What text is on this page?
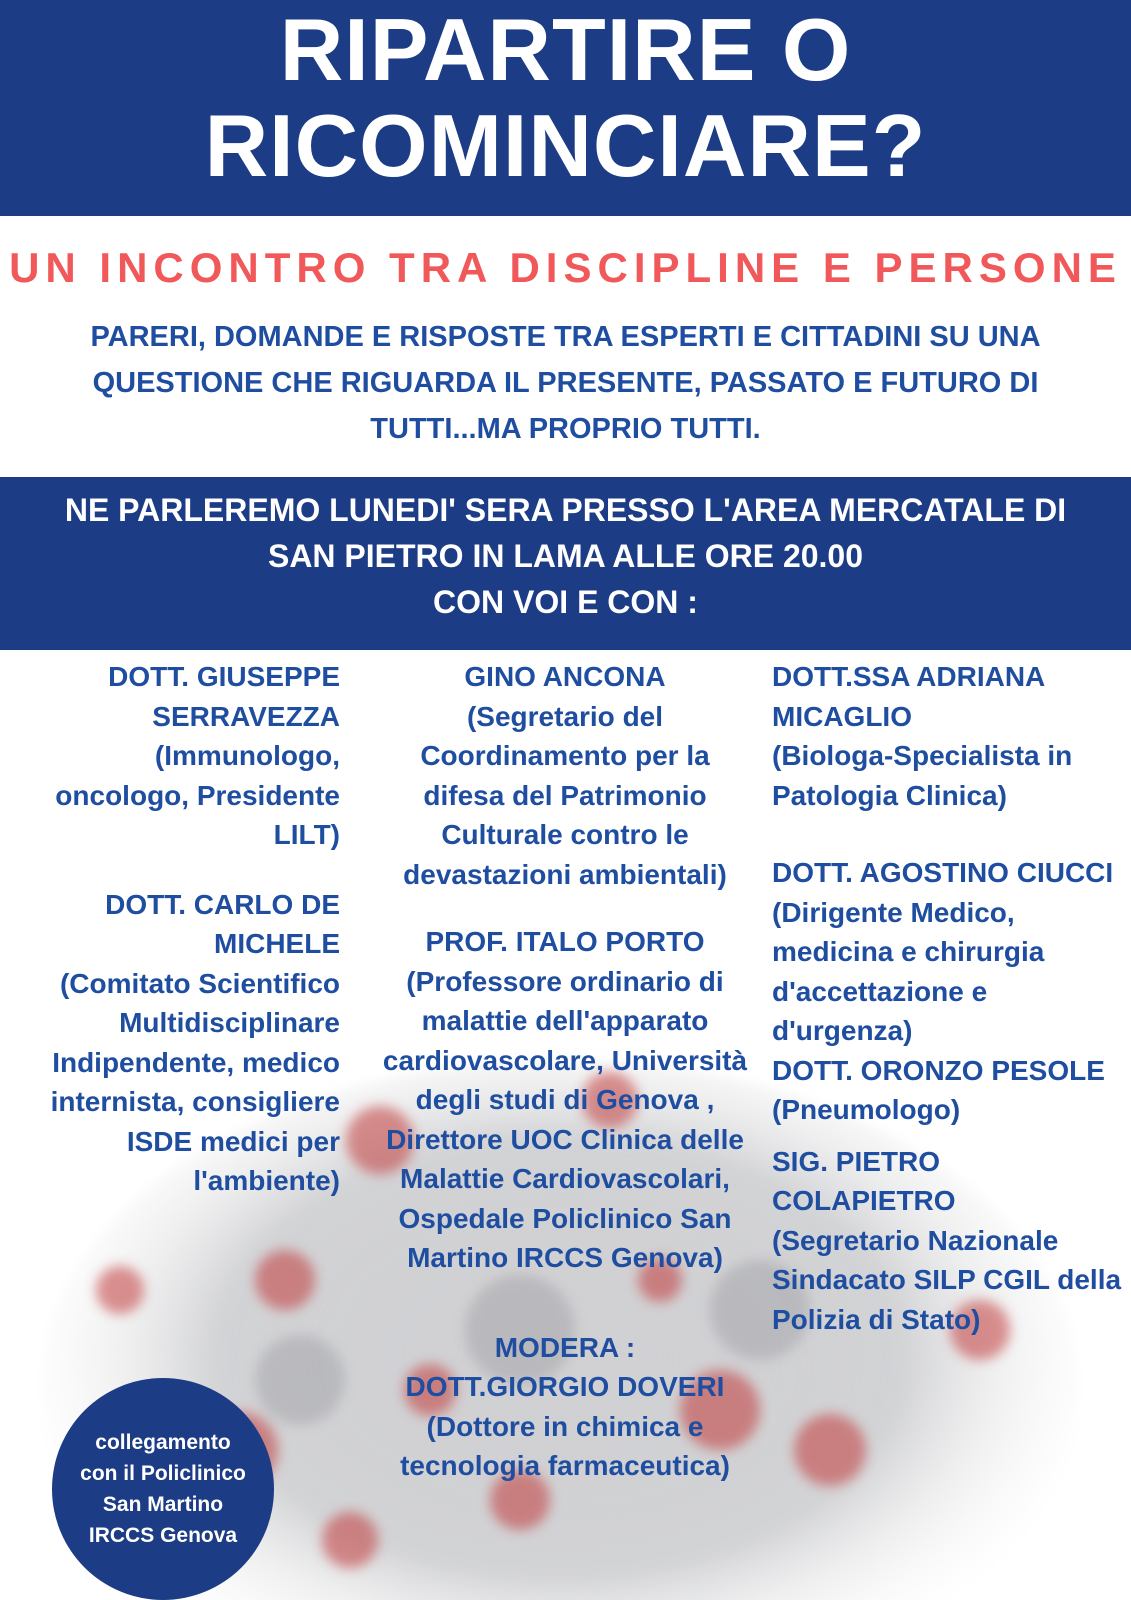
RIPARTIRE O
RICOMINCIARE?
UN INCONTRO TRA DISCIPLINE E PERSONE
PARERI, DOMANDE E RISPOSTE TRA ESPERTI E CITTADINI SU UNA QUESTIONE CHE RIGUARDA IL PRESENTE, PASSATO E FUTURO DI TUTTI...MA PROPRIO TUTTI.
NE PARLEREMO LUNEDI' SERA PRESSO L'AREA MERCATALE DI
SAN PIETRO IN LAMA ALLE ORE 20.00
CON VOI E CON :
DOTT. GIUSEPPE SERRAVEZZA
(Immunologo, oncologo, Presidente LILT)
DOTT. CARLO DE MICHELE
(Comitato Scientifico Multidisciplinare Indipendente, medico internista, consigliere ISDE medici per l'ambiente)
GINO ANCONA
(Segretario del Coordinamento per la difesa del Patrimonio Culturale contro le devastazioni ambientali)
PROF. ITALO PORTO
(Professore ordinario di malattie dell'apparato cardiovascolare, Università degli studi di Genova , Direttore UOC Clinica delle Malattie Cardiovascolari, Ospedale Policlinico San Martino IRCCS Genova)
MODERA :
DOTT.GIORGIO DOVERI
(Dottore in chimica e tecnologia farmaceutica)
DOTT.SSA ADRIANA MICAGLIO
(Biologa-Specialista in Patologia Clinica)
DOTT. AGOSTINO CIUCCI
(Dirigente Medico, medicina e chirurgia d'accettazione e d'urgenza)
DOTT. ORONZO PESOLE
(Pneumologo)
SIG. PIETRO COLAPIETRO
(Segretario Nazionale Sindacato SILP CGIL della Polizia di Stato)
collegamento
con il Policlinico
San Martino
IRCCS Genova
